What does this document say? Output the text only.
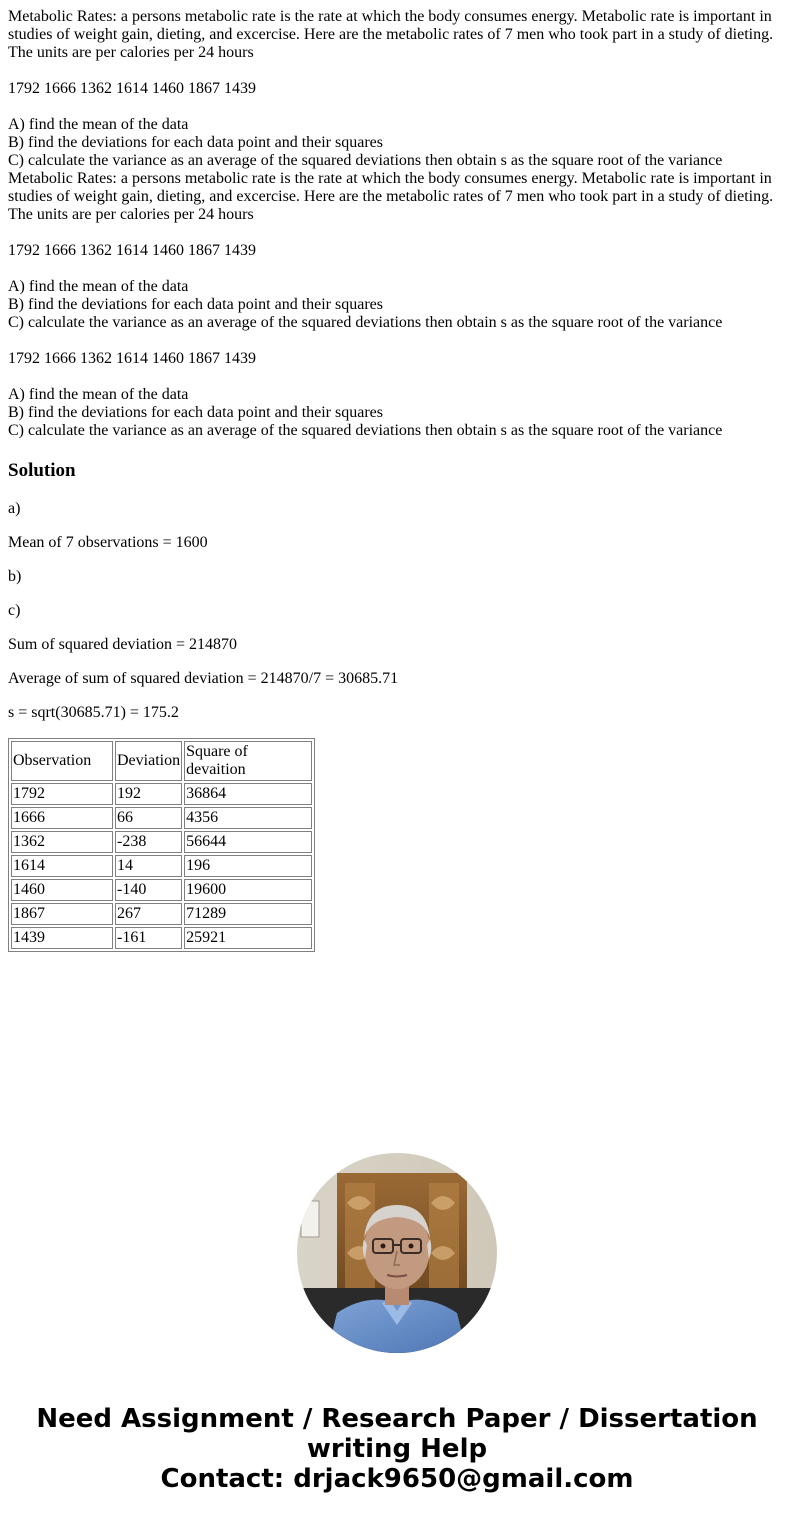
Metabolic Rates: a persons metabolic rate is the rate at which the body consumes energy. Metabolic rate is important in studies of weight gain, dieting, and excercise. Here are the metabolic rates of 7 men who took part in a study of dieting. The units are per calories per 24 hours
1792 1666 1362 1614 1460 1867 1439
A) find the mean of the data
B) find the deviations for each data point and their squares
C) calculate the variance as an average of the squared deviations then obtain s as the square root of the variance
Metabolic Rates: a persons metabolic rate is the rate at which the body consumes energy. Metabolic rate is important in studies of weight gain, dieting, and excercise. Here are the metabolic rates of 7 men who took part in a study of dieting. The units are per calories per 24 hours
1792 1666 1362 1614 1460 1867 1439
A) find the mean of the data
B) find the deviations for each data point and their squares
C) calculate the variance as an average of the squared deviations then obtain s as the square root of the variance
1792 1666 1362 1614 1460 1867 1439
A) find the mean of the data
B) find the deviations for each data point and their squares
C) calculate the variance as an average of the squared deviations then obtain s as the square root of the variance
Solution

a)

Mean of 7 observations = 1600

b)

c)

Sum of squared deviation = 214870

Average of sum of squared deviation = 214870/7 = 30685.71

s = sqrt(30685.71) = 175.2

Observation	Deviation	Square of devaition
1792	192	36864
1666	66	4356
1362	-238	56644
1614	14	196
1460	-140	19600
1867	267	71289
1439	-161	25921
Need Assignment / Research Paper / Dissertation
writing Help
Contact: drjack9650@gmail.com
